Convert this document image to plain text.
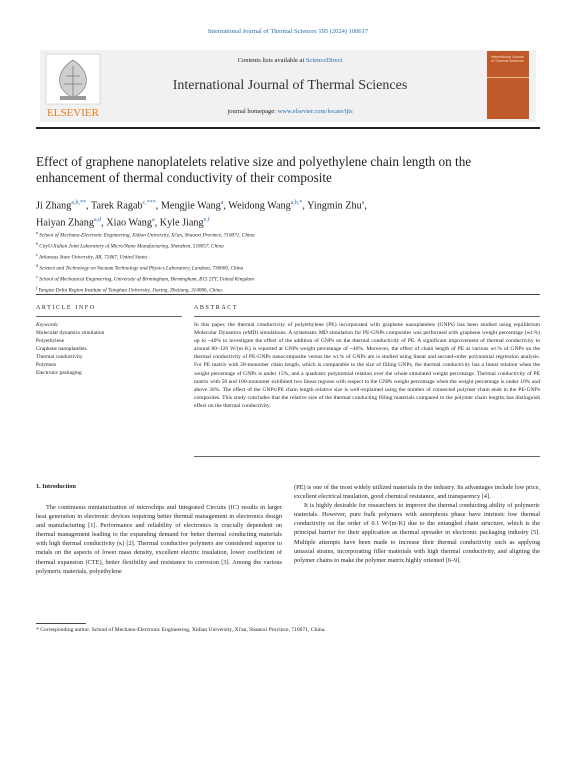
International Journal of Thermal Sciences 195 (2024) 108617
ELSEVIER
Contents lists available at ScienceDirect
International Journal of Thermal Sciences
journal homepage: www.elsevier.com/locate/ijts
International Journal of Thermal Sciences
Effect of graphene nanoplatelets relative size and polyethylene chain length on the enhancement of thermal conductivity of their composite
Ji Zhang$^{a,b,**}$, Tarek Ragab$^{c,***}$, Mengjie Wang$^a$, Weidong Wang$^{a,b,*}$, Yingmin Zhu$^a$,
Haiyan Zhang$^{a,d}$, Xiao Wang$^a$, Kyle Jiang$^{e,f}$
$^a$ School of Mechano-Electronic Engineering, Xidian University, Xi'an, Shaanxi Province, 710071, China
$^b$ CityU-Xidian Joint Laboratory of Micro/Nano Manufacturing, Shenzhen, 518057, China
$^c$ Arkansas State University, AR, 72467, United States
$^d$ Science and Technology on Vacuum Technology and Physics Laboratory, Lanzhou, 730000, China
$^e$ School of Mechanical Engineering, University of Birmingham, Birmingham, B15 2TT, United Kingdom
$^f$ Yangtze Delta Region Institute of Tsinghua University, Jiaxing, Zhejiang, 314006, China
ARTICLE INFO	ABSTRACT
Keywords:
Molecular dynamics simulation
Polyethylene
Graphene nanoplatelets
Thermal conductivity
Polymers
Electronic packaging
In this paper, the thermal conductivity of polyethylene (PE) incorporated with graphene nanoplatelets (GNPs) has been studied using equilibrium Molecular Dynamics (eMD) simulations. A systematic MD simulation for PE-GNPs composites was performed with graphene weight percentage (wt.%) up to ~40% to investigate the effect of the addition of GNPs on the thermal conductivity of PE. A significant improvement of thermal conductivity to around 80–120 W/(m·K) is reported at GNPs weight percentage of ~40%. Moreover, the effect of chain length of PE at various wt.% of GNPs on the thermal conductivity of PE-GNPs nanocomposite versus the wt.% of GNPs are is studied using linear and second-order polynomial regression analysis. For PE matrix with 20-monomer chain length, which is comparable to the size of filling GNPs, the thermal conductivity has a linear relation when the weight percentage of GNPs is under 15%, and a quadratic polynomial relation over the whole simulated weight percentage. Thermal conductivity of PE matrix with 50 and 100-monomer exhibited two linear regions with respect to the GNPs weight percentage when the weight percentage is under 10% and above 30%. The effect of the GNPs/PE chain length relative size is well-explained using the number of connected polymer chain ends in the PE-GNPs composites. This study concludes that the relative size of the thermal conducting filling materials compared to the polymer chain lengths has distinguish effect on the thermal conductivity.
1. Introduction

The continuous miniaturization of microchips and Integrated Circuits (IC) results in larger heat generation in electronic devices requiring better thermal management in electronics design and manufacturing [1]. Performance and reliability of electronics is crucially dependent on thermal management leading to the expanding demand for better thermal conducting materials with high thermal conductivity (κ) [2]. Thermal conductive polymers are considered superior to metals on the aspects of lower mass density, excellent electric insulation, lower coefficient of thermal expansion (CTE), better flexibility and resistance to corrosion [3]. Among the various polymeric materials, polyethylene

(PE) is one of the most widely utilized materials in the industry. Its advantages include low price, excellent electrical insulation, good chemical resistance, and transparency [4].

It is highly desirable for researchers to improve the thermal conducting ability of polymeric materials. However, pure bulk polymers with amorphous phase have intrinsic low thermal conductivity on the order of 0.1 W/(m·K) due to the entangled chain structure, which is the principal barrier for their application as thermal spreader in electronic packaging industry [5]. Multiple attempts have been made to increase their thermal conductivity such as applying uniaxial strains, incorporating filler materials with high thermal conductivity, and aligning the polymer chains to make the polymer matrix highly oriented [6–9].

* Corresponding author. School of Mechano-Electronic Engineering, Xidian University, Xi'an, Shaanxi Province, 710071, China.
